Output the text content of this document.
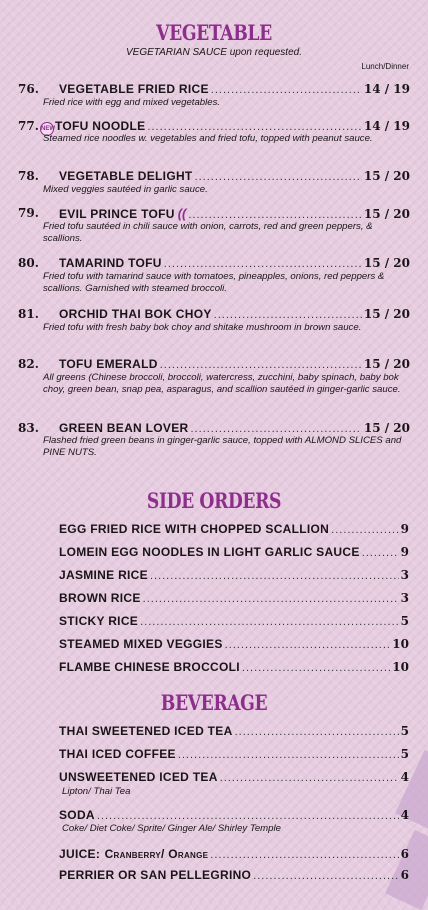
VEGETABLE
VEGETARIAN SAUCE upon requested.
Lunch/Dinner
76. VEGETABLE FRIED RICE .....	14 / 19
Fried rice with egg and mixed vegetables.
77. NEW TOFU NOODLE .....	14 / 19
Steamed rice noodles w. vegetables and fried tofu, topped with peanut sauce.
78. VEGETABLE DELIGHT .....	15 / 20
Mixed veggies sautéed in garlic sauce.
79. EVIL PRINCE TOFU (( .....	15 / 20
Fried tofu sautéed in chili sauce with onion, carrots, red and green peppers, & scallions.
80. TAMARIND TOFU .....	15 / 20
Fried tofu with tamarind sauce with tomatoes, pineapples, onions, red peppers & scallions. Garnished with steamed broccoli.
81. ORCHID THAI BOK CHOY .....	15 / 20
Fried tofu with fresh baby bok choy and shitake mushroom in brown sauce.
82. TOFU EMERALD .....	15 / 20
All greens (Chinese broccoli, broccoli, watercress, zucchini, baby spinach, baby bok choy, green bean, snap pea, asparagus, and scallion sautéed in ginger-garlic sauce.
83. GREEN BEAN LOVER .....	15 / 20
Flashed fried green beans in ginger-garlic sauce, topped with ALMOND SLICES and PINE NUTS.
SIDE ORDERS
EGG FRIED RICE WITH CHOPPED SCALLION .....	9
LOMEIN EGG NOODLES IN LIGHT GARLIC SAUCE .....	9
JASMINE RICE .....	3
BROWN RICE .....	3
STICKY RICE .....	5
STEAMED MIXED VEGGIES .....	10
FLAMBE CHINESE BROCCOLI .....	10
BEVERAGE
THAI SWEETENED ICED TEA .....	5
THAI ICED COFFEE .....	5
UNSWEETENED ICED TEA .....	4
Lipton/ Thai Tea
SODA .....	4
Coke/ Diet Coke/ Sprite/ Ginger Ale/ Shirley Temple
JUICE:
Cranberry/ Orange .....	6
PERRIER OR SAN PELLEGRINO .....	6
